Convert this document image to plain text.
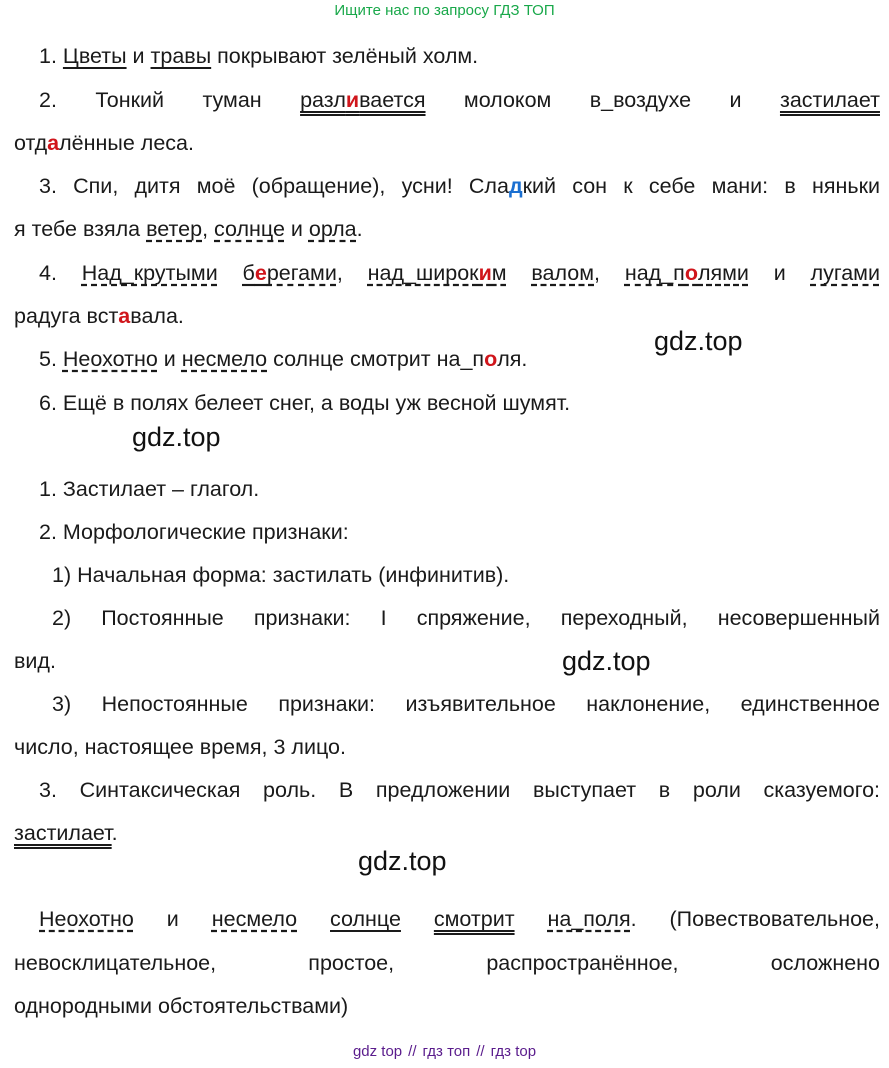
Ищите нас по запросу ГДЗ ТОП

1. Цветы и травы покрывают зелёный холм.

2. Тонкий туман разливается молоком в_воздухе и застилает

отдалённые леса.

3. Спи, дитя моё (обращение), усни! Сладкий сон к себе мани: в няньки

я тебе взяла ветер, солнце и орла.

4. Над_крутыми берегами, над_широким валом, над_полями и лугами

радуга вставала.

5. Неохотно и несмело солнце смотрит на_поля.

6. Ещё в полях белеет снег, а воды уж весной шумят.

gdz.top
gdz.top
gdz.top
gdz.top

1. Застилает – глагол.

2. Морфологические признаки:

1) Начальная форма: застилать (инфинитив).

2) Постоянные признаки: I спряжение, переходный, несовершенный

вид.

3) Непостоянные признаки: изъявительное наклонение, единственное

число, настоящее время, 3 лицо.

3. Синтаксическая роль. В предложении выступает в роли сказуемого:

застилает.

Неохотно и несмело солнце смотрит на_поля. (Повествовательное,

невосклицательное, простое, распространённое, осложнено

однородными обстоятельствами)

gdz top // гдз топ // гдз top
